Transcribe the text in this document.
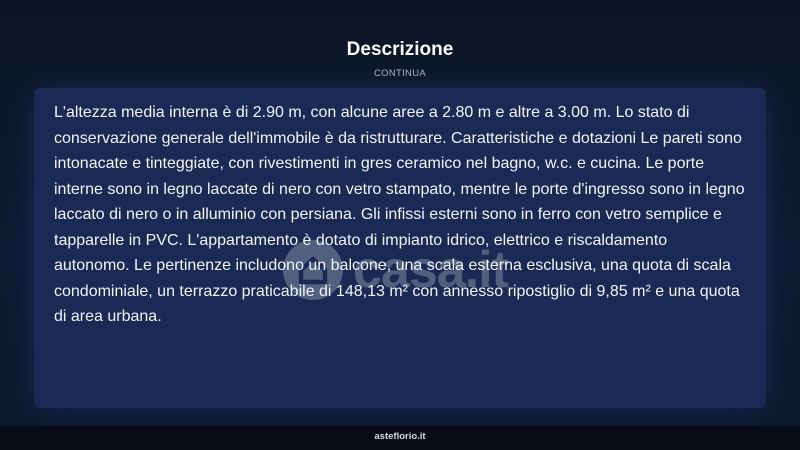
Descrizione
CONTINUA

L'altezza media interna è di 2.90 m, con alcune aree a 2.80 m e altre a 3.00 m. Lo stato di conservazione generale dell'immobile è da ristrutturare. Caratteristiche e dotazioni Le pareti sono intonacate e tinteggiate, con rivestimenti in gres ceramico nel bagno, w.c. e cucina. Le porte interne sono in legno laccate di nero con vetro stampato, mentre le porte d'ingresso sono in legno laccato di nero o in alluminio con persiana. Gli infissi esterni sono in ferro con vetro semplice e tapparelle in PVC. L'appartamento è dotato di impianto idrico, elettrico e riscaldamento autonomo. Le pertinenze includono un balcone, una scala esterna esclusiva, una quota di scala condominiale, un terrazzo praticabile di 148,13 m² con annesso ripostiglio di 9,85 m² e una quota di area urbana.

casa.it
asteflorio.it
